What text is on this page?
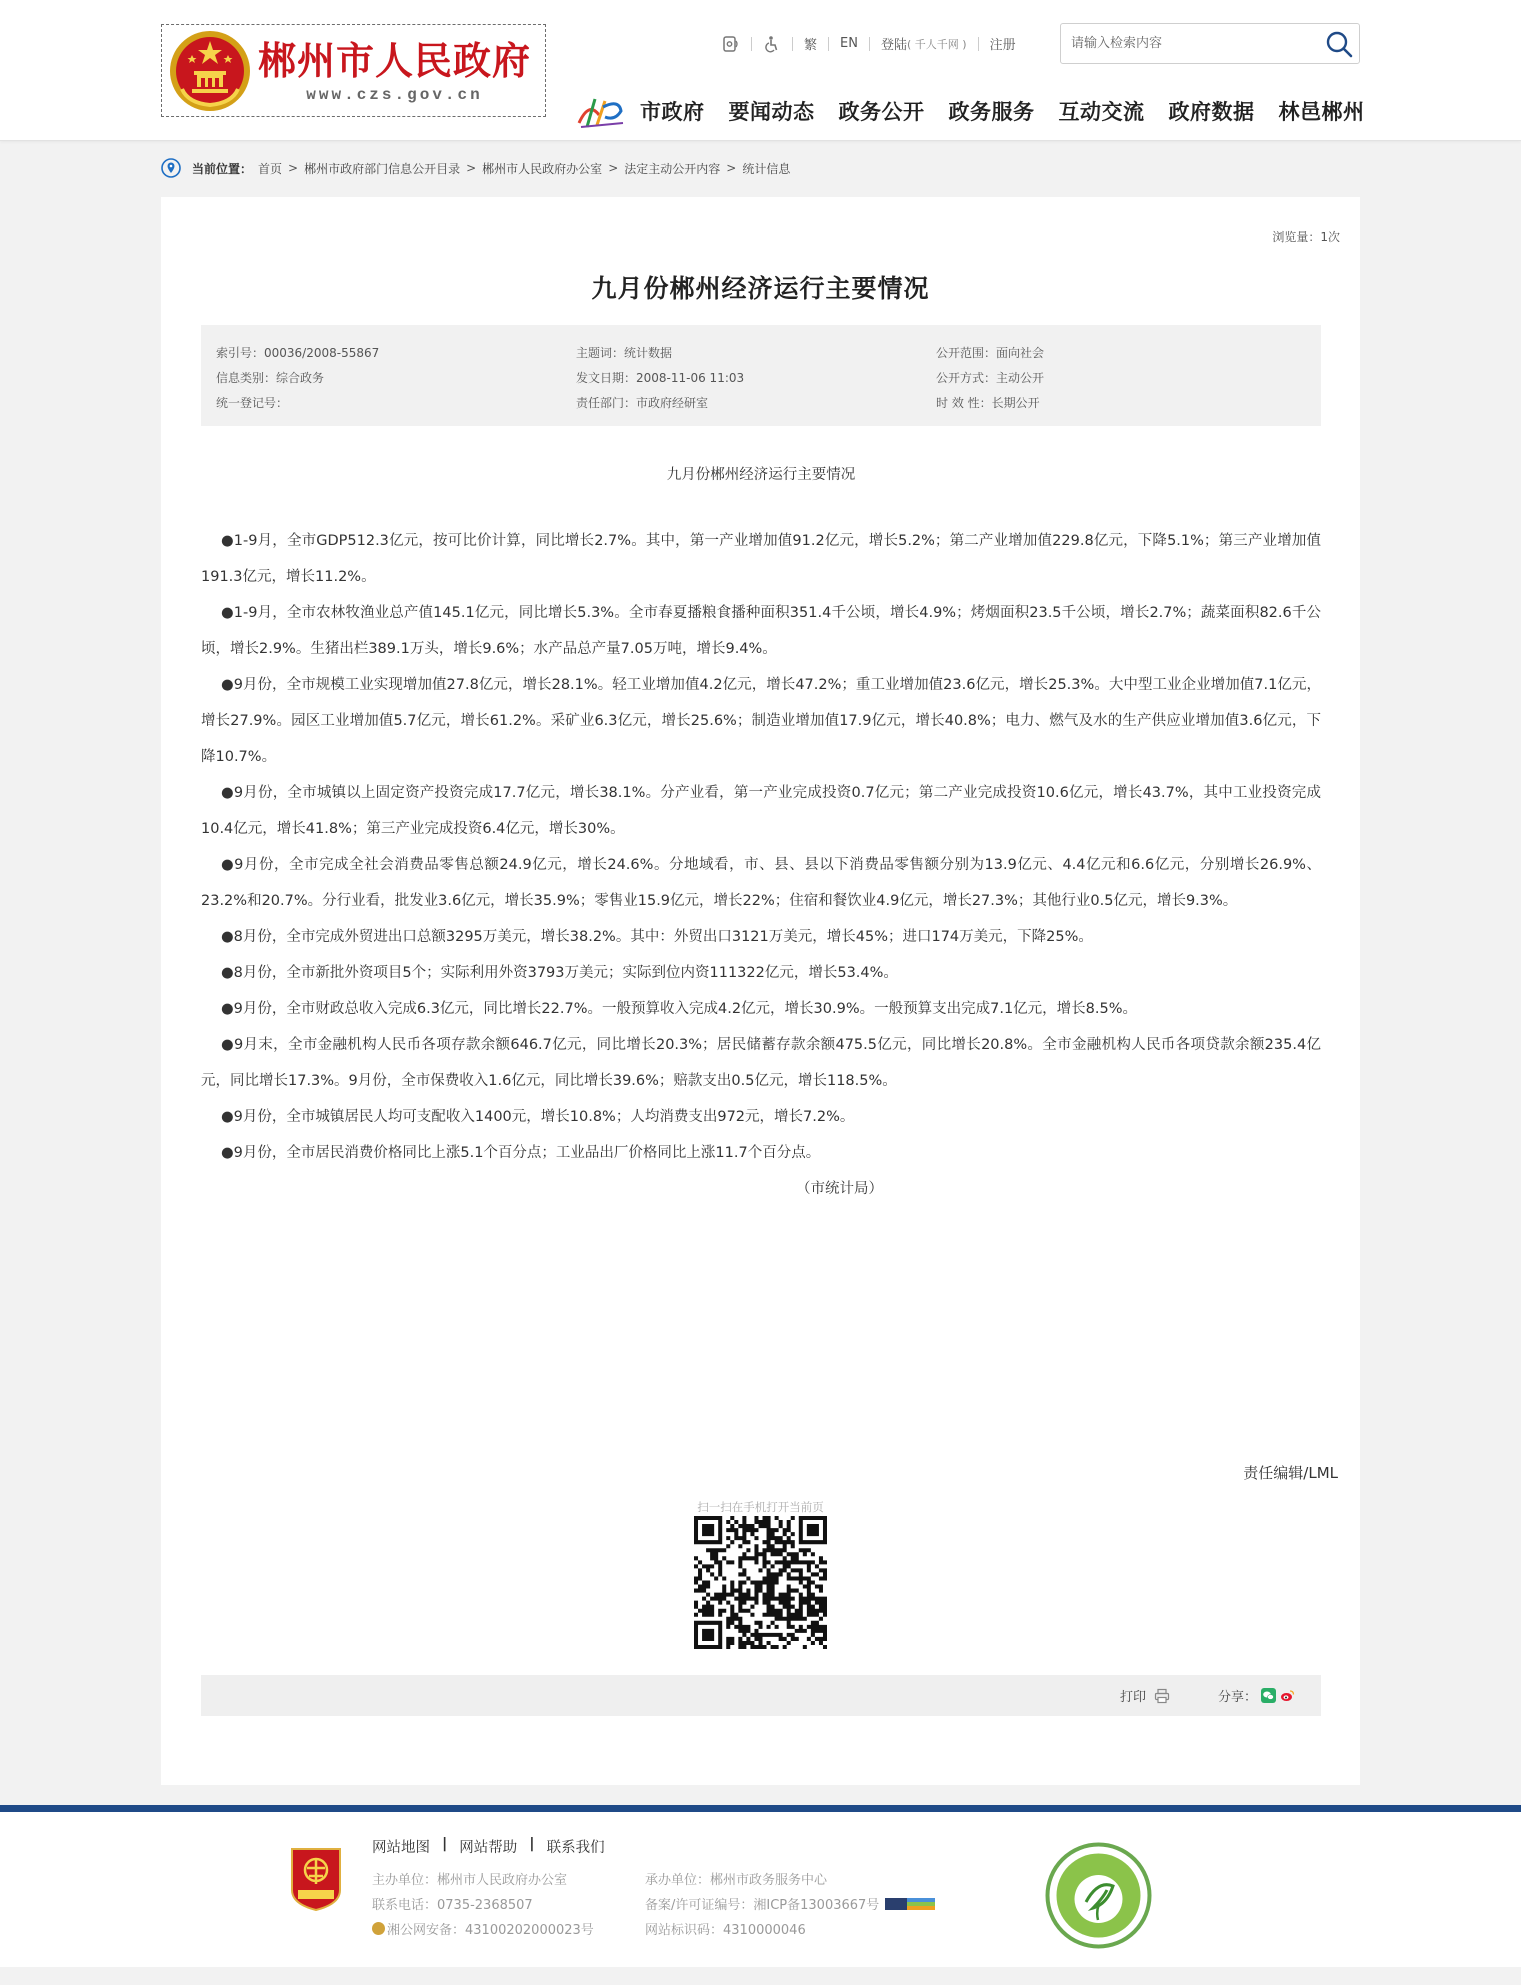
郴州市人民政府
www.czs.gov.cn
繁 EN 登陆 ( 千人千网 ) 注册
请输入检索内容
市政府 要闻动态 政务公开 政务服务 互动交流 政府数据 林邑郴州
当前位置： 首页 > 郴州市政府部门信息公开目录 > 郴州市人民政府办公室 > 法定主动公开内容 > 统计信息
浏览量：1次
九月份郴州经济运行主要情况
索引号：00036/2008-55867	主题词：统计数据	公开范围：面向社会
信息类别：综合政务	发文日期：2008-11-06 11:03	公开方式：主动公开
统一登记号：	责任部门：市政府经研室	时 效 性：长期公开

九月份郴州经济运行主要情况

●1-9月，全市GDP512.3亿元，按可比价计算，同比增长2.7%。其中，第一产业增加值91.2亿元，增长5.2%；第二产业增加值229.8亿元，下降5.1%；第三产业增加值191.3亿元，增长11.2%。

●1-9月，全市农林牧渔业总产值145.1亿元，同比增长5.3%。全市春夏播粮食播种面积351.4千公顷，增长4.9%；烤烟面积23.5千公顷，增长2.7%；蔬菜面积82.6千公顷，增长2.9%。生猪出栏389.1万头，增长9.6%；水产品总产量7.05万吨，增长9.4%。

●9月份，全市规模工业实现增加值27.8亿元，增长28.1%。轻工业增加值4.2亿元，增长47.2%；重工业增加值23.6亿元，增长25.3%。大中型工业企业增加值7.1亿元，增长27.9%。园区工业增加值5.7亿元，增长61.2%。采矿业6.3亿元，增长25.6%；制造业增加值17.9亿元，增长40.8%；电力、燃气及水的生产供应业增加值3.6亿元，下降10.7%。

●9月份，全市城镇以上固定资产投资完成17.7亿元，增长38.1%。分产业看，第一产业完成投资0.7亿元；第二产业完成投资10.6亿元，增长43.7%，其中工业投资完成10.4亿元，增长41.8%；第三产业完成投资6.4亿元，增长30%。

●9月份，全市完成全社会消费品零售总额24.9亿元，增长24.6%。分地域看，市、县、县以下消费品零售额分别为13.9亿元、4.4亿元和6.6亿元，分别增长26.9%、23.2%和20.7%。分行业看，批发业3.6亿元，增长35.9%；零售业15.9亿元，增长22%；住宿和餐饮业4.9亿元，增长27.3%；其他行业0.5亿元，增长9.3%。

●8月份，全市完成外贸进出口总额3295万美元，增长38.2%。其中：外贸出口3121万美元，增长45%；进口174万美元，下降25%。

●8月份，全市新批外资项目5个；实际利用外资3793万美元；实际到位内资111322亿元，增长53.4%。

●9月份，全市财政总收入完成6.3亿元，同比增长22.7%。一般预算收入完成4.2亿元，增长30.9%。一般预算支出完成7.1亿元，增长8.5%。

●9月末，全市金融机构人民币各项存款余额646.7亿元，同比增长20.3%；居民储蓄存款余额475.5亿元，同比增长20.8%。全市金融机构人民币各项贷款余额235.4亿元，同比增长17.3%。9月份，全市保费收入1.6亿元，同比增长39.6%；赔款支出0.5亿元，增长118.5%。

●9月份，全市城镇居民人均可支配收入1400元，增长10.8%；人均消费支出972元，增长7.2%。

●9月份，全市居民消费价格同比上涨5.1个百分点；工业品出厂价格同比上涨11.7个百分点。

（市统计局）

责任编辑/LML
扫一扫在手机打开当前页
打印	分享：
网站地图 | 网站帮助 | 联系我们
主办单位：郴州市人民政府办公室
联系电话：0735-2368507
湘公网安备：43100202000023号
承办单位：郴州市政务服务中心
备案/许可证编号：湘ICP备13003667号
网站标识码：4310000046
